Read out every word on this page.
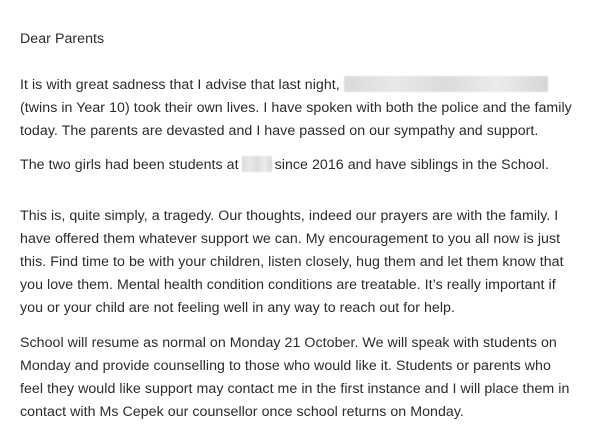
Dear Parents
It is with great sadness that I advise that last night,
(twins in Year 10) took their own lives. I have spoken with both the police and the family
today. The parents are devasted and I have passed on our sympathy and support.
The two girls had been students at	since 2016 and have siblings in the School.
This is, quite simply, a tragedy. Our thoughts, indeed our prayers are with the family. I
have offered them whatever support we can. My encouragement to you all now is just
this. Find time to be with your children, listen closely, hug them and let them know that
you love them. Mental health condition conditions are treatable. It’s really important if
you or your child are not feeling well in any way to reach out for help.
School will resume as normal on Monday 21 October. We will speak with students on
Monday and provide counselling to those who would like it. Students or parents who
feel they would like support may contact me in the first instance and I will place them in
contact with Ms Cepek our counsellor once school returns on Monday.
